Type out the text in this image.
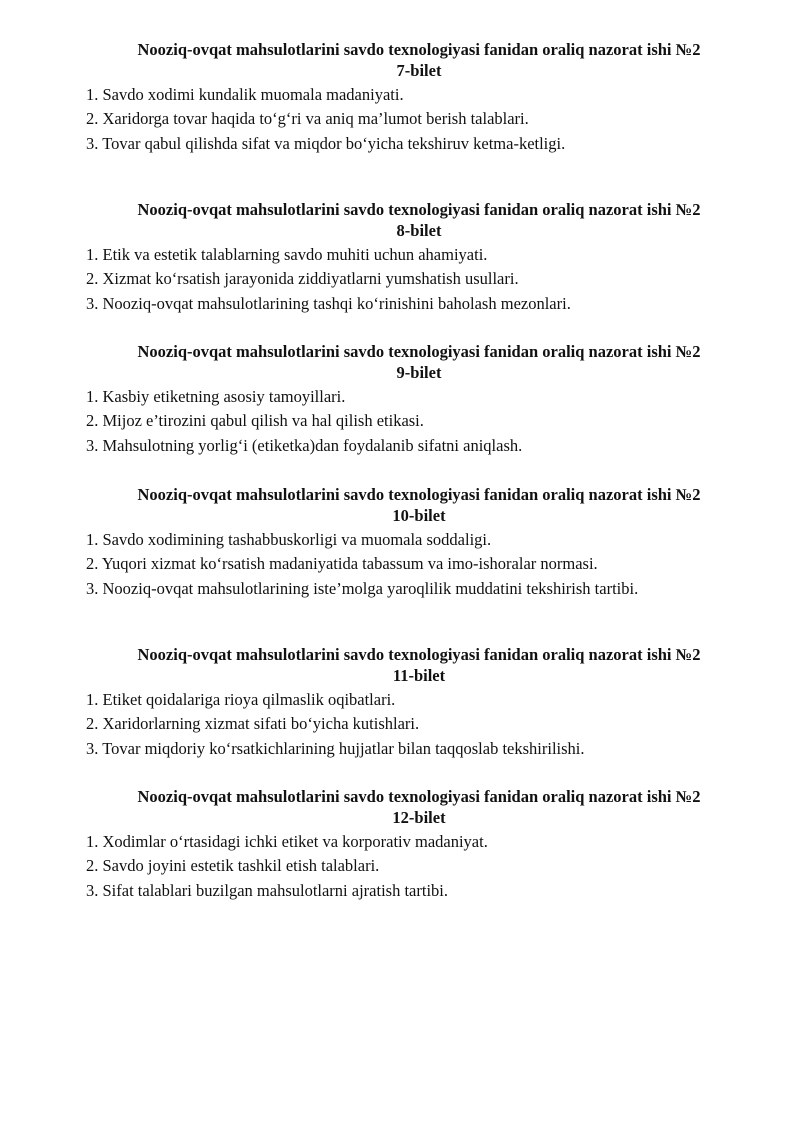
Nooziq-ovqat mahsulotlarini savdo texnologiyasi fanidan oraliq nazorat ishi №2

7-bilet

1. Savdo xodimi kundalik muomala madaniyati.

2. Xaridorga tovar haqida to‘g‘ri va aniq ma’lumot berish talablari.

3. Tovar qabul qilishda sifat va miqdor bo‘yicha tekshiruv ketma-ketligi.

Nooziq-ovqat mahsulotlarini savdo texnologiyasi fanidan oraliq nazorat ishi №2

8-bilet

1. Etik va estetik talablarning savdo muhiti uchun ahamiyati.

2. Xizmat ko‘rsatish jarayonida ziddiyatlarni yumshatish usullari.

3. Nooziq-ovqat mahsulotlarining tashqi ko‘rinishini baholash mezonlari.

Nooziq-ovqat mahsulotlarini savdo texnologiyasi fanidan oraliq nazorat ishi №2

9-bilet

1. Kasbiy etiketning asosiy tamoyillari.

2. Mijoz e’tirozini qabul qilish va hal qilish etikasi.

3. Mahsulotning yorlig‘i (etiketka)dan foydalanib sifatni aniqlash.

Nooziq-ovqat mahsulotlarini savdo texnologiyasi fanidan oraliq nazorat ishi №2

10-bilet

1. Savdo xodimining tashabbuskorligi va muomala soddaligi.

2. Yuqori xizmat ko‘rsatish madaniyatida tabassum va imo-ishoralar normasi.

3. Nooziq-ovqat mahsulotlarining iste’molga yaroqlilik muddatini tekshirish tartibi.

Nooziq-ovqat mahsulotlarini savdo texnologiyasi fanidan oraliq nazorat ishi №2

11-bilet

1. Etiket qoidalariga rioya qilmaslik oqibatlari.

2. Xaridorlarning xizmat sifati bo‘yicha kutishlari.

3. Tovar miqdoriy ko‘rsatkichlarining hujjatlar bilan taqqoslab tekshirilishi.

Nooziq-ovqat mahsulotlarini savdo texnologiyasi fanidan oraliq nazorat ishi №2

12-bilet

1. Xodimlar o‘rtasidagi ichki etiket va korporativ madaniyat.

2. Savdo joyini estetik tashkil etish talablari.

3. Sifat talablari buzilgan mahsulotlarni ajratish tartibi.
